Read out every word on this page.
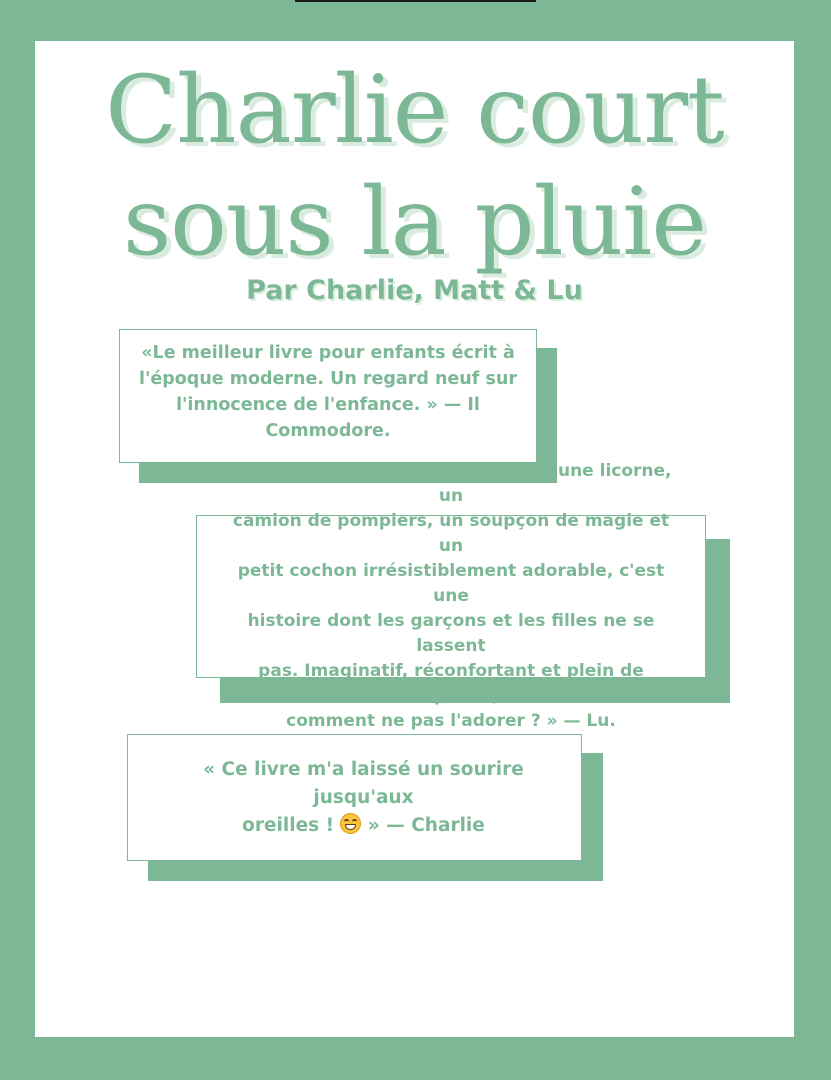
Charlie court
sous la pluie
Par Charlie, Matt & Lu

«Le meilleur livre pour enfants écrit à
l'époque moderne. Un regard neuf sur
l'innocence de l'enfance. » — Il Commodore.

« Ce livre est un pur délice ! Avec une licorne, un
camion de pompiers, un soupçon de magie et un
petit cochon irrésistiblement adorable, c'est une
histoire dont les garçons et les filles ne se lassent
pas. Imaginatif, réconfortant et plein de surprises,
comment ne pas l'adorer ? » — Lu.

« Ce livre m'a laissé un sourire jusqu'aux
oreilles !
» — Charlie
